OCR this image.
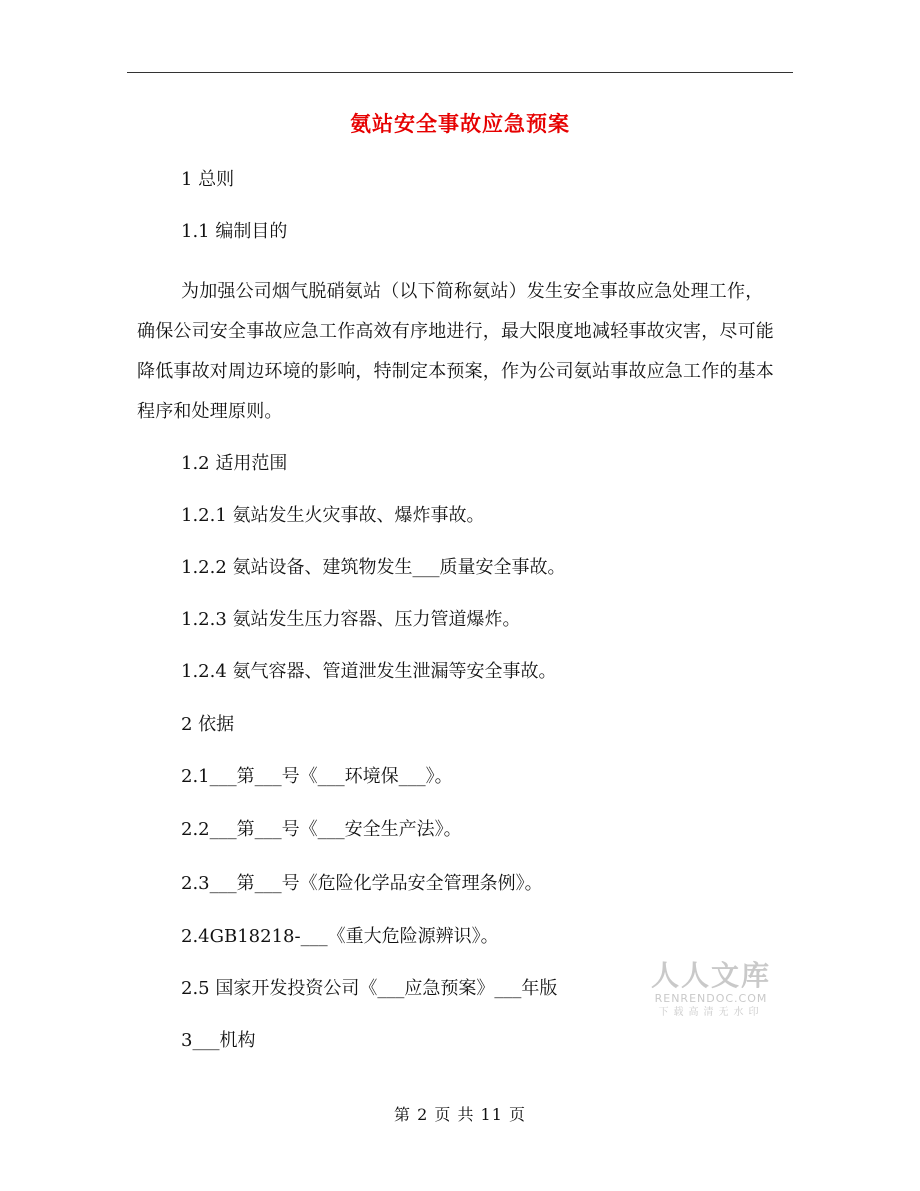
氨站安全事故应急预案

1 总则

1.1 编制目的

为加强公司烟气脱硝氨站（以下简称氨站）发生安全事故应急处理工作，确保公司安全事故应急工作高效有序地进行，最大限度地减轻事故灾害，尽可能降低事故对周边环境的影响，特制定本预案，作为公司氨站事故应急工作的基本程序和处理原则。

1.2 适用范围

1.2.1 氨站发生火灾事故、爆炸事故。

1.2.2 氨站设备、建筑物发生___质量安全事故。

1.2.3 氨站发生压力容器、压力管道爆炸。

1.2.4 氨气容器、管道泄发生泄漏等安全事故。

2 依据

2.1___第___号《___环境保___》。

2.2___第___号《___安全生产法》。

2.3___第___号《危险化学品安全管理条例》。

2.4GB18218-___《重大危险源辨识》。

2.5 国家开发投资公司《___应急预案》___年版

3___机构

人人文库
RENRENDOC.COM
下载高清无水印

第 2 页 共 11 页
